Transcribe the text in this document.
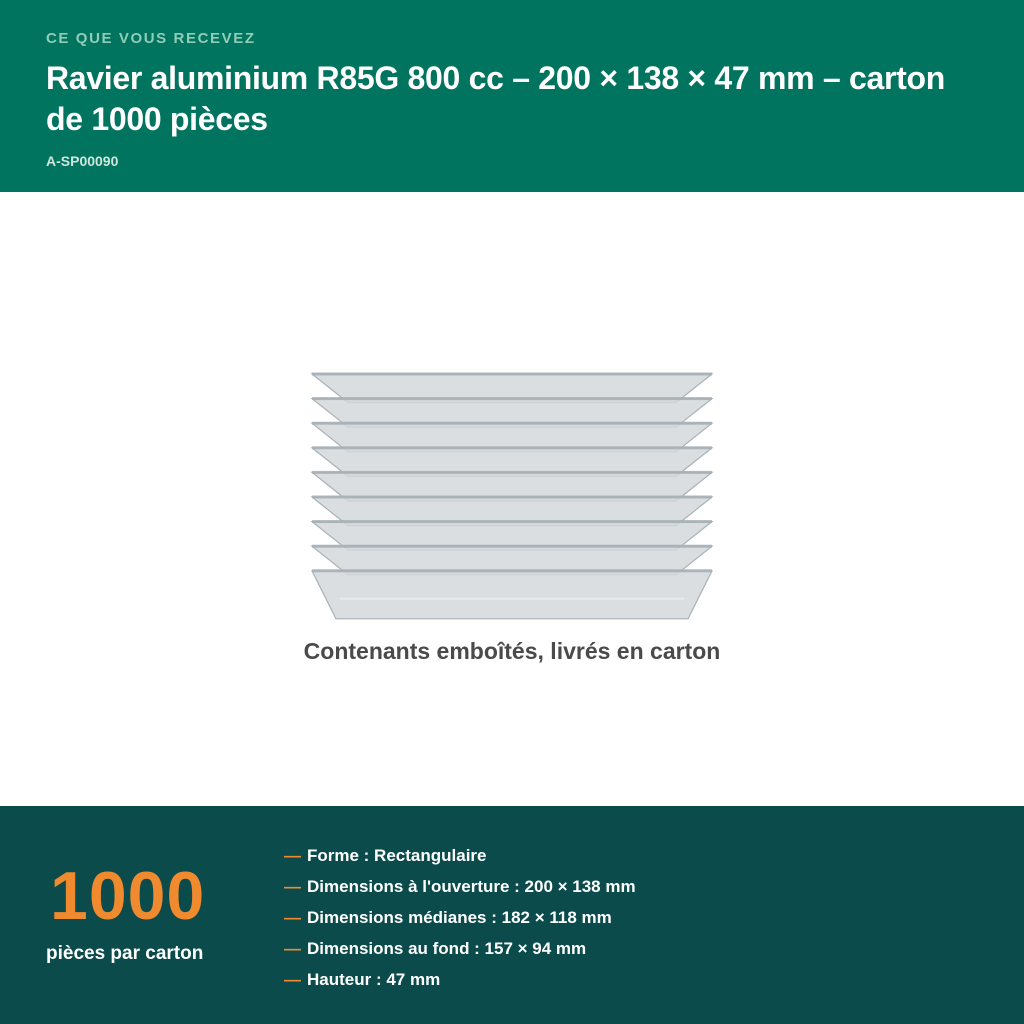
CE QUE VOUS RECEVEZ

Ravier aluminium R85G 800 cc – 200 × 138 × 47 mm – carton de 1000 pièces

A-SP00090

Contenants emboîtés, livrés en carton
1000
pièces par carton
— Forme : Rectangulaire
— Dimensions à l'ouverture : 200 × 138 mm
— Dimensions médianes : 182 × 118 mm
— Dimensions au fond : 157 × 94 mm
— Hauteur : 47 mm
